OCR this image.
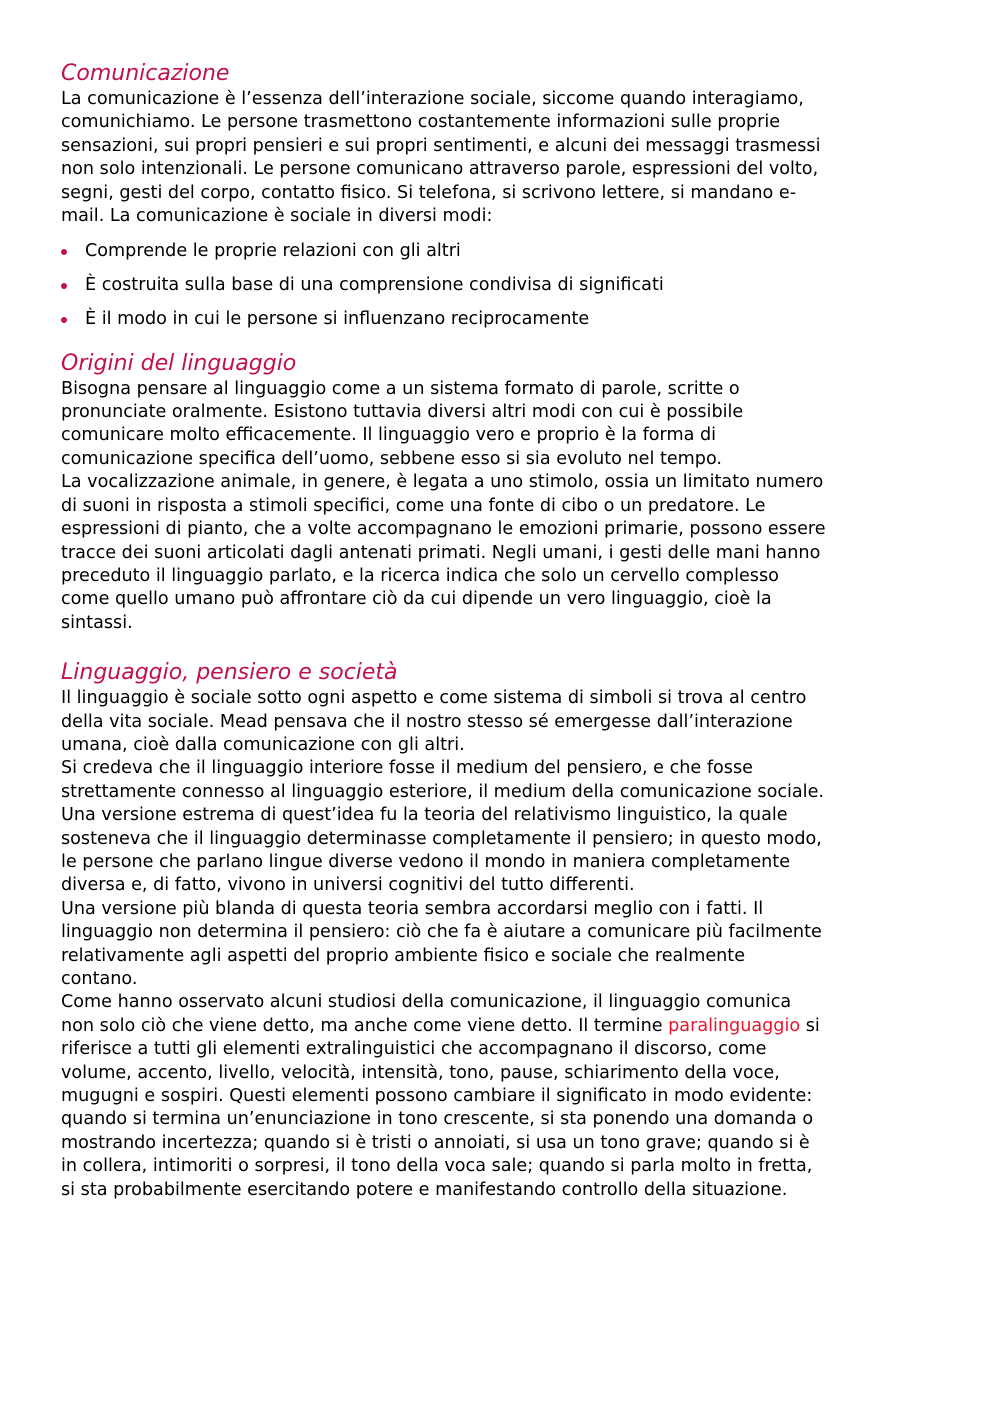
Comunicazione

La comunicazione è l’essenza dell’interazione sociale, siccome quando interagiamo,
comunichiamo. Le persone trasmettono costantemente informazioni sulle proprie
sensazioni, sui propri pensieri e sui propri sentimenti, e alcuni dei messaggi trasmessi
non solo intenzionali. Le persone comunicano attraverso parole, espressioni del volto,
segni, gesti del corpo, contatto fisico. Si telefona, si scrivono lettere, si mandano e-
mail. La comunicazione è sociale in diversi modi:

Comprende le proprie relazioni con gli altri
È costruita sulla base di una comprensione condivisa di significati
È il modo in cui le persone si influenzano reciprocamente
Origini del linguaggio

Bisogna pensare al linguaggio come a un sistema formato di parole, scritte o
pronunciate oralmente. Esistono tuttavia diversi altri modi con cui è possibile
comunicare molto efficacemente. Il linguaggio vero e proprio è la forma di
comunicazione specifica dell’uomo, sebbene esso si sia evoluto nel tempo.
La vocalizzazione animale, in genere, è legata a uno stimolo, ossia un limitato numero
di suoni in risposta a stimoli specifici, come una fonte di cibo o un predatore. Le
espressioni di pianto, che a volte accompagnano le emozioni primarie, possono essere
tracce dei suoni articolati dagli antenati primati. Negli umani, i gesti delle mani hanno
preceduto il linguaggio parlato, e la ricerca indica che solo un cervello complesso
come quello umano può affrontare ciò da cui dipende un vero linguaggio, cioè la
sintassi.

Linguaggio, pensiero e società

Il linguaggio è sociale sotto ogni aspetto e come sistema di simboli si trova al centro
della vita sociale. Mead pensava che il nostro stesso sé emergesse dall’interazione
umana, cioè dalla comunicazione con gli altri.
Si credeva che il linguaggio interiore fosse il medium del pensiero, e che fosse
strettamente connesso al linguaggio esteriore, il medium della comunicazione sociale.
Una versione estrema di quest’idea fu la teoria del relativismo linguistico, la quale
sosteneva che il linguaggio determinasse completamente il pensiero; in questo modo,
le persone che parlano lingue diverse vedono il mondo in maniera completamente
diversa e, di fatto, vivono in universi cognitivi del tutto differenti.
Una versione più blanda di questa teoria sembra accordarsi meglio con i fatti. Il
linguaggio non determina il pensiero: ciò che fa è aiutare a comunicare più facilmente
relativamente agli aspetti del proprio ambiente fisico e sociale che realmente
contano.
Come hanno osservato alcuni studiosi della comunicazione, il linguaggio comunica
non solo ciò che viene detto, ma anche come viene detto. Il termine paralinguaggio si
riferisce a tutti gli elementi extralinguistici che accompagnano il discorso, come
volume, accento, livello, velocità, intensità, tono, pause, schiarimento della voce,
mugugni e sospiri. Questi elementi possono cambiare il significato in modo evidente:
quando si termina un’enunciazione in tono crescente, si sta ponendo una domanda o
mostrando incertezza; quando si è tristi o annoiati, si usa un tono grave; quando si è
in collera, intimoriti o sorpresi, il tono della voca sale; quando si parla molto in fretta,
si sta probabilmente esercitando potere e manifestando controllo della situazione.
